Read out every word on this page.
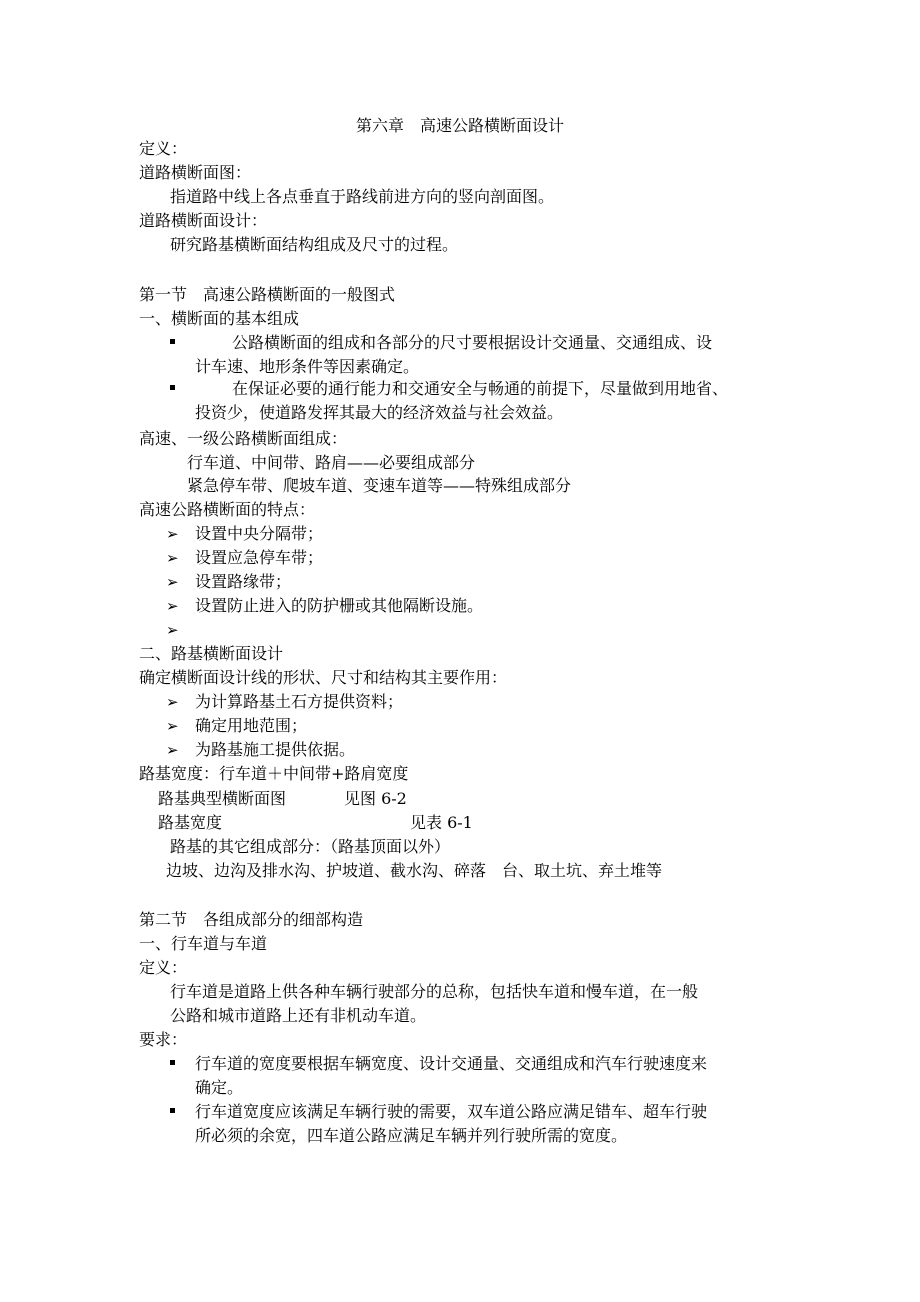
第六章　高速公路横断面设计
定义：
道路横断面图：
指道路中线上各点垂直于路线前进方向的竖向剖面图。
道路横断面设计：
研究路基横断面结构组成及尺寸的过程。
第一节　高速公路横断面的一般图式
一、横断面的基本组成
公路横断面的组成和各部分的尺寸要根据设计交通量、交通组成、设
计车速、地形条件等因素确定。
在保证必要的通行能力和交通安全与畅通的前提下，尽量做到用地省、
投资少，使道路发挥其最大的经济效益与社会效益。
高速、一级公路横断面组成：
行车道、中间带、路肩——必要组成部分
紧急停车带、爬坡车道、变速车道等——特殊组成部分
高速公路横断面的特点：
➢ 设置中央分隔带；
➢ 设置应急停车带；
➢ 设置路缘带；
➢ 设置防止进入的防护栅或其他隔断设施。
➢
二、路基横断面设计
确定横断面设计线的形状、尺寸和结构其主要作用：
➢ 为计算路基土石方提供资料；
➢ 确定用地范围；
➢ 为路基施工提供依据。
路基宽度：行车道＋中间带+路肩宽度
路基典型横断面图	见图 6-2
路基宽度	见表 6-1
路基的其它组成部分：（路基顶面以外）
边坡、边沟及排水沟、护坡道、截水沟、碎落　台、取土坑、弃土堆等
第二节　各组成部分的细部构造
一、行车道与车道
定义：
行车道是道路上供各种车辆行驶部分的总称，包括快车道和慢车道，在一般
公路和城市道路上还有非机动车道。
要求：
行车道的宽度要根据车辆宽度、设计交通量、交通组成和汽车行驶速度来
确定。
行车道宽度应该满足车辆行驶的需要，双车道公路应满足错车、超车行驶
所必须的余宽，四车道公路应满足车辆并列行驶所需的宽度。
